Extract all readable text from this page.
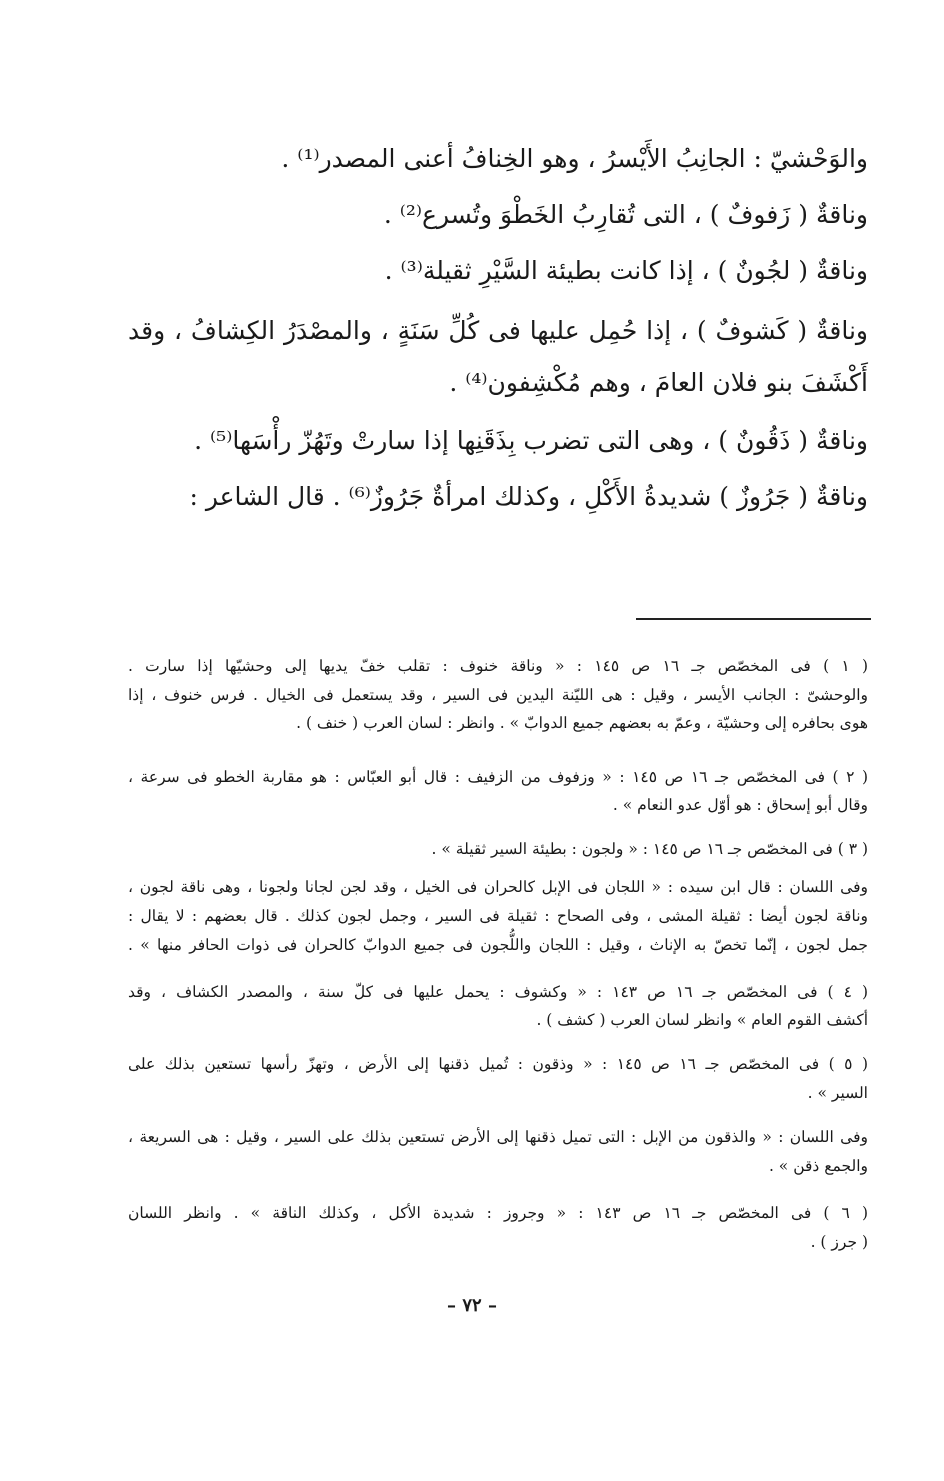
والوَحْشيّ : الجانِبُ الأَيْسرُ ، وهو الخِنافُ أعنى المصدر⁽¹⁾ .
وناقةٌ ( زَفوفٌ ) ، التى تُقارِبُ الخَطْوَ وتُسرع⁽²⁾ .
وناقةٌ ( لجُونٌ ) ، إذا كانت بطيئة السَّيْرِ ثقيلة⁽³⁾ .
وناقةٌ ( كَشوفٌ ) ، إذا حُمِل عليها فى كُلِّ سَنَةٍ ، والمصْدَرُ الكِشافُ ، وقد
أَكْشَفَ بنو فلان العامَ ، وهم مُكْشِفون⁽⁴⁾ .
وناقةٌ ( ذَقُونٌ ) ، وهى التى تضرب بِذَقَنِها إذا سارتْ وتَهُزّ رأْسَها⁽⁵⁾ .
وناقةٌ ( جَرُوزٌ ) شديدةُ الأَكْلِ ، وكذلك امرأةٌ جَرُوزٌ⁽⁶⁾ . قال الشاعر :
( ١ ) فى المخصّص جـ ١٦ ص ١٤٥ : « وناقة خنوف : تقلب خفّ يديها إلى وحشيّها إذا سارت .
والوحشىّ : الجانب الأيسر ، وقيل : هى الليّنة اليدين فى السير ، وقد يستعمل فى الخيال . فرس خنوف ، إذا
هوى بحافره إلى وحشيّة ، وعمّ به بعضهم جميع الدوابّ » . وانظر : لسان العرب ( خنف ) .
( ٢ ) فى المخصّص جـ ١٦ ص ١٤٥ : « وزفوف من الزفيف : قال أبو العبّاس : هو مقاربة الخطو فى سرعة ،
وقال أبو إسحاق : هو أوّل عدو النعام » .
( ٣ ) فى المخصّص جـ ١٦ ص ١٤٥ : « ولجون : بطيئة السير ثقيلة » .
وفى اللسان : قال ابن سيده : « اللجان فى الإبل كالحران فى الخيل ، وقد لجن لجانا ولجونا ، وهى ناقة لجون ،
وناقة لجون أيضا : ثقيلة المشى ، وفى الصحاح : ثقيلة فى السير ، وجمل لجون كذلك . قال بعضهم : لا يقال :
جمل لجون ، إنّما تخصّ به الإناث ، وقيل : اللجان واللُّجون فى جميع الدوابّ كالحران فى ذوات الحافر منها » .
( ٤ ) فى المخصّص جـ ١٦ ص ١٤٣ : « وكشوف : يحمل عليها فى كلّ سنة ، والمصدر الكشاف ، وقد
أكشف القوم العام » وانظر لسان العرب ( كشف ) .
( ٥ ) فى المخصّص جـ ١٦ ص ١٤٥ : « وذقون : تُميل ذقنها إلى الأرض ، وتهزّ رأسها تستعين بذلك على
السير » .
وفى اللسان : « والذقون من الإبل : التى تميل ذقنها إلى الأرض تستعين بذلك على السير ، وقيل : هى السريعة ،
والجمع ذقن » .
( ٦ ) فى المخصّص جـ ١٦ ص ١٤٣ : « وجروز : شديدة الأكل ، وكذلك الناقة » . وانظر اللسان
( جرز ) .
– ٧٢ –
